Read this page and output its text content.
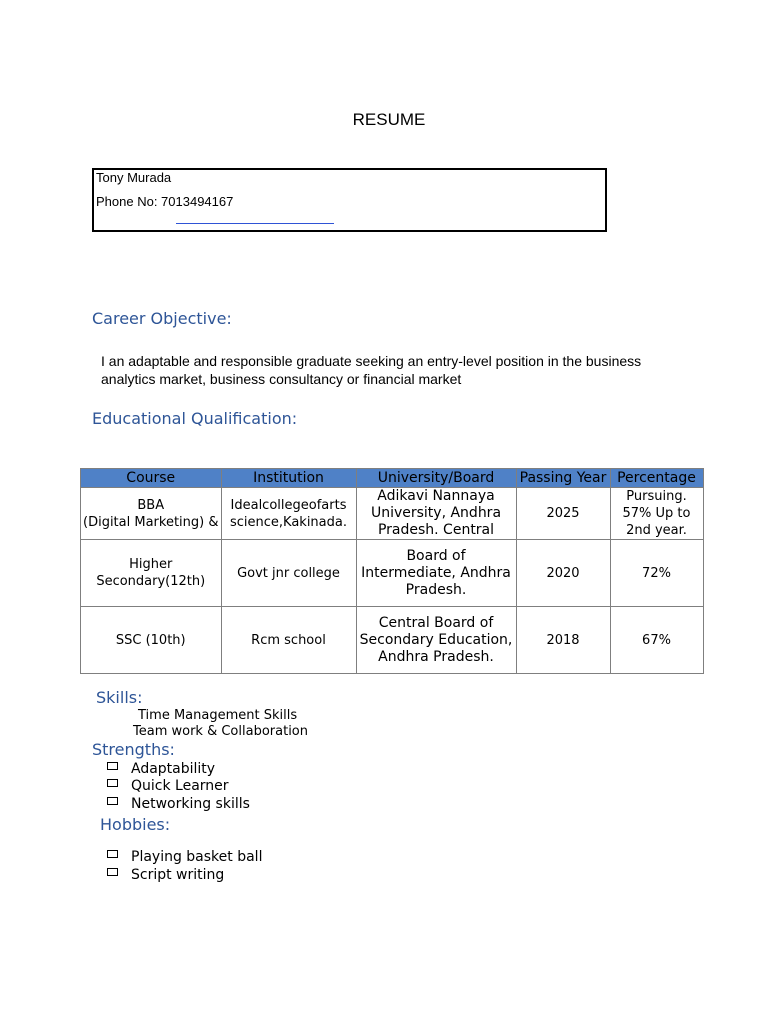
RESUME
Tony Murada
Phone No: 7013494167
Career Objective:
I an adaptable and responsible graduate seeking an entry-level position in the business analytics market, business consultancy or financial market
Educational Qualification:
Course	Institution	University/Board	Passing Year	Percentage

BBA
(Digital Marketing) &	Idealcollegeofarts science,Kakinada.	Adikavi Nannaya University, Andhra Pradesh. Central	2025	Pursuing. 57% Up to 2nd year.

Higher
Secondary(12th)	Govt jnr college	Board of Intermediate, Andhra Pradesh.	2020	72%

SSC (10th)	Rcm school	Central Board of Secondary Education, Andhra Pradesh.	2018	67%
Skills:
Time Management Skills
Team work & Collaboration
Strengths:
Adaptability
Quick Learner
Networking skills
Hobbies:
Playing basket ball
Script writing
